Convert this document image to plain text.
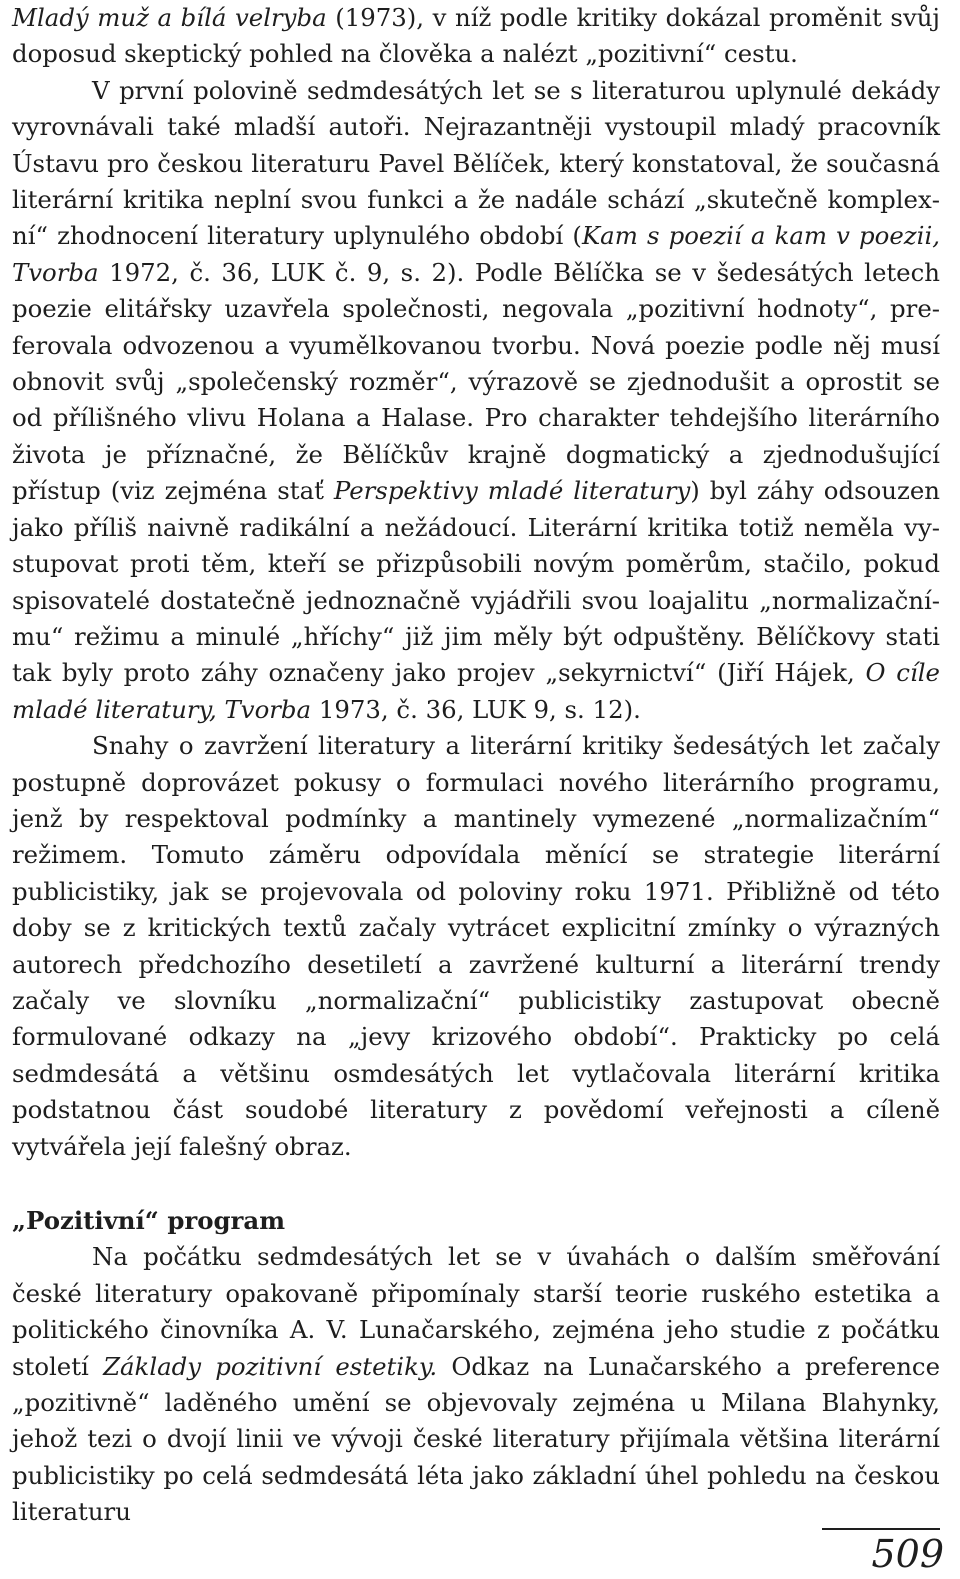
Mladý muž a bílá velryba (1973), v níž podle kritiky dokázal proměnit svůj doposud skeptický pohled na člověka a nalézt „pozitivní“ cestu.

V první polovině sedmdesátých let se s literaturou uplynulé dekády vyrovnávali také mladší autoři. Nejrazantněji vystoupil mladý pracovník Ústavu pro českou literaturu Pavel Bělíček, který konstatoval, že současná literární kritika neplní svou funkci a že nadále schází „skutečně komplexní“ zhodnocení literatury uplynulého období (Kam s poezií a kam v poezii, Tvorba 1972, č. 36, LUK č. 9, s. 2). Podle Bělíčka se v šedesátých letech poezie elitářsky uzavřela společnosti, negovala „pozitivní hodnoty“, preferovala odvozenou a vyumělkovanou tvorbu. Nová poezie podle něj musí obnovit svůj „společenský rozměr“, výrazově se zjednodušit a oprostit se od přílišného vlivu Holana a Halase. Pro charakter tehdejšího literárního života je příznačné, že Bělíčkův krajně dogmatický a zjednodušující přístup (viz zejména stať Perspektivy mladé literatury) byl záhy odsouzen jako příliš naivně radikální a nežádoucí. Literární kritika totiž neměla vystupovat proti těm, kteří se přizpůsobili novým poměrům, stačilo, pokud spisovatelé dostatečně jednoznačně vyjádřili svou loajalitu „normalizačnímu“ režimu a minulé „hříchy“ již jim měly být odpuštěny. Bělíčkovy stati tak byly proto záhy označeny jako projev „sekyrnictví“ (Jiří Hájek, O cíle mladé literatury, Tvorba 1973, č. 36, LUK 9, s. 12).

Snahy o zavržení literatury a literární kritiky šedesátých let začaly postupně doprovázet pokusy o formulaci nového literárního programu, jenž by respektoval podmínky a mantinely vymezené „normalizačním“ režimem. Tomuto záměru odpovídala měnící se strategie literární publicistiky, jak se projevovala od poloviny roku 1971. Přibližně od této doby se z kritických textů začaly vytrácet explicitní zmínky o výrazných autorech předchozího desetiletí a zavržené kulturní a literární trendy začaly ve slovníku „normalizační“ publicistiky zastupovat obecně formulované odkazy na „jevy krizového období“. Prakticky po celá sedmdesátá a většinu osmdesátých let vytlačovala literární kritika podstatnou část soudobé literatury z povědomí veřejnosti a cíleně vytvářela její falešný obraz.

„Pozitivní“ program

Na počátku sedmdesátých let se v úvahách o dalším směřování české literatury opakovaně připomínaly starší teorie ruského estetika a politického činovníka A. V. Lunačarského, zejména jeho studie z počátku století Základy pozitivní estetiky. Odkaz na Lunačarského a preference „pozitivně“ laděného umění se objevovaly zejména u Milana Blahynky, jehož tezi o dvojí linii ve vývoji české literatury přijímala většina literární publicistiky po celá sedmdesátá léta jako základní úhel pohledu na českou literaturu

509
